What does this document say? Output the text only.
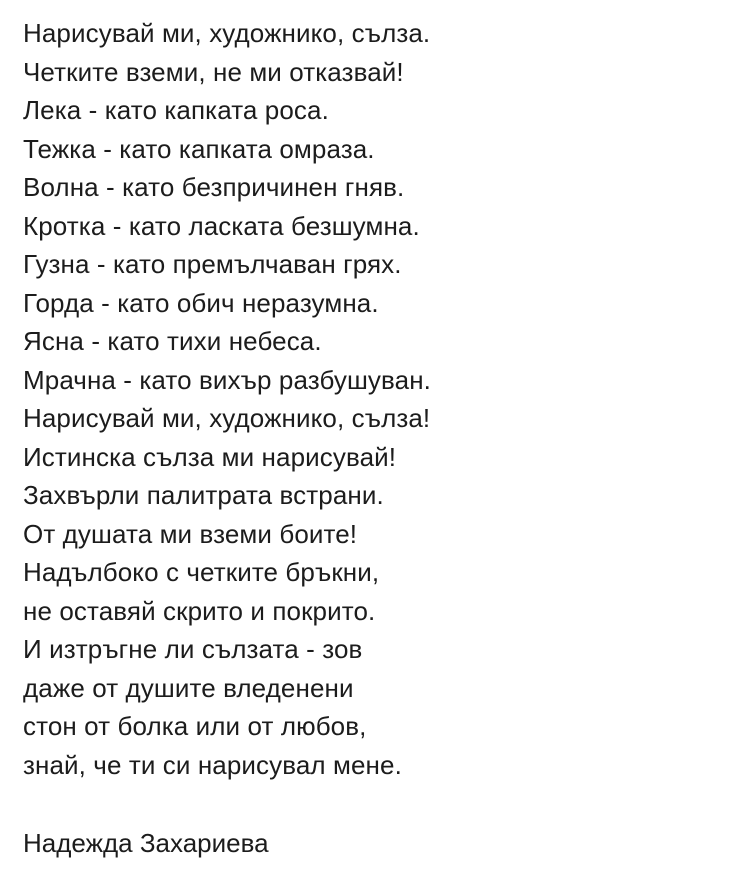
Нарисувай ми, художнико, сълза.
Четките вземи, не ми отказвай!
Лека - като капката роса.
Тежка - като капката омраза.
Волна - като безпричинен гняв.
Кротка - като ласката безшумна.
Гузна - като премълчаван грях.
Горда - като обич неразумна.
Ясна - като тихи небеса.
Мрачна - като вихър разбушуван.
Нарисувай ми, художнико, сълза!
Истинска сълза ми нарисувай!
Захвърли палитрата встрани.
От душата ми вземи боите!
Надълбоко с четките бръкни,
не оставяй скрито и покрито.
И изтръгне ли сълзата - зов
даже от душите вледенени
стон от болка или от любов,
знай, че ти си нарисувал мене.
Надежда Захариева
